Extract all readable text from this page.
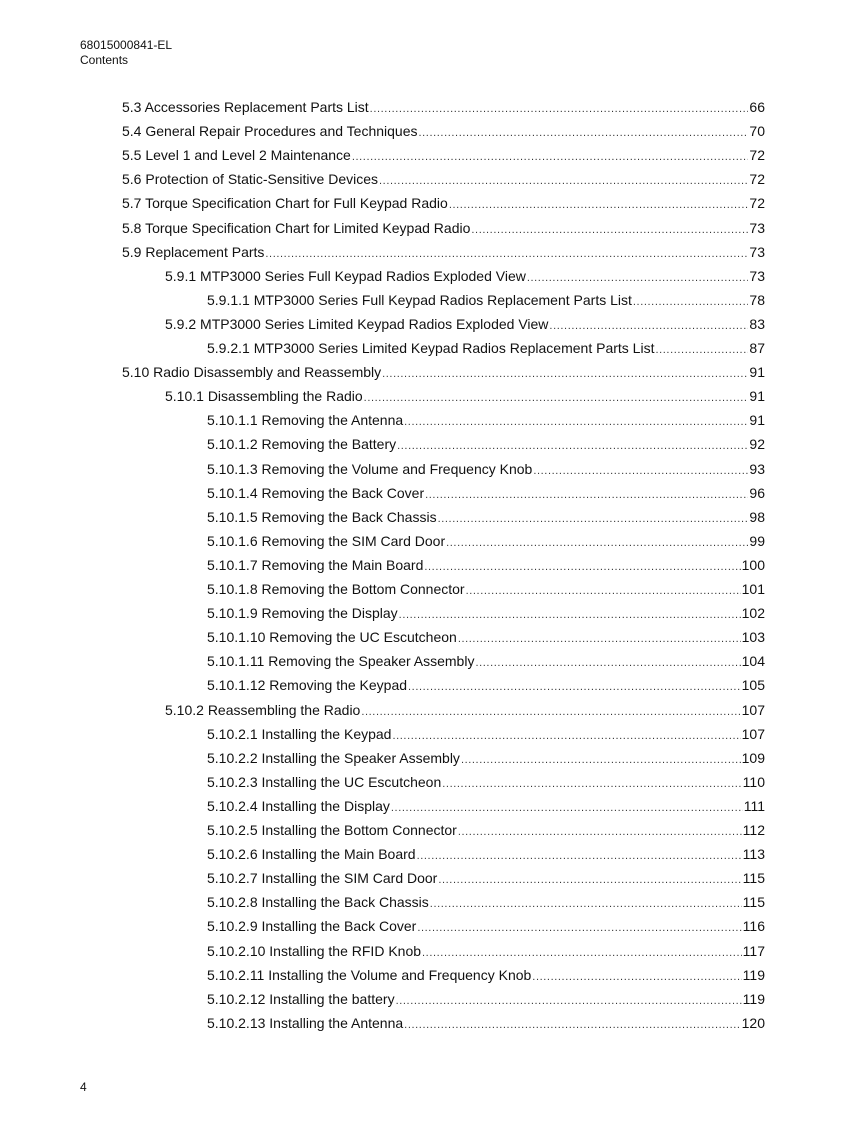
68015000841-EL
Contents
5.3 Accessories Replacement Parts List .....	66
5.4 General Repair Procedures and Techniques .....	70
5.5 Level 1 and Level 2 Maintenance .....	72
5.6 Protection of Static-Sensitive Devices .....	72
5.7 Torque Specification Chart for Full Keypad Radio .....	72
5.8 Torque Specification Chart for Limited Keypad Radio .....	73
5.9 Replacement Parts .....	73
5.9.1 MTP3000 Series Full Keypad Radios Exploded View .....	73
5.9.1.1 MTP3000 Series Full Keypad Radios Replacement Parts List .....	78
5.9.2 MTP3000 Series Limited Keypad Radios Exploded View .....	83
5.9.2.1 MTP3000 Series Limited Keypad Radios Replacement Parts List .....	87
5.10 Radio Disassembly and Reassembly .....	91
5.10.1 Disassembling the Radio .....	91
5.10.1.1 Removing the Antenna .....	91
5.10.1.2 Removing the Battery .....	92
5.10.1.3 Removing the Volume and Frequency Knob .....	93
5.10.1.4 Removing the Back Cover .....	96
5.10.1.5 Removing the Back Chassis .....	98
5.10.1.6 Removing the SIM Card Door .....	99
5.10.1.7 Removing the Main Board .....	100
5.10.1.8 Removing the Bottom Connector .....	101
5.10.1.9 Removing the Display .....	102
5.10.1.10 Removing the UC Escutcheon .....	103
5.10.1.11 Removing the Speaker Assembly .....	104
5.10.1.12 Removing the Keypad .....	105
5.10.2 Reassembling the Radio .....	107
5.10.2.1 Installing the Keypad .....	107
5.10.2.2 Installing the Speaker Assembly .....	109
5.10.2.3 Installing the UC Escutcheon .....	110
5.10.2.4 Installing the Display .....	111
5.10.2.5 Installing the Bottom Connector .....	112
5.10.2.6 Installing the Main Board .....	113
5.10.2.7 Installing the SIM Card Door .....	115
5.10.2.8 Installing the Back Chassis .....	115
5.10.2.9 Installing the Back Cover .....	116
5.10.2.10 Installing the RFID Knob .....	117
5.10.2.11 Installing the Volume and Frequency Knob .....	119
5.10.2.12 Installing the battery .....	119
5.10.2.13 Installing the Antenna .....	120
4
